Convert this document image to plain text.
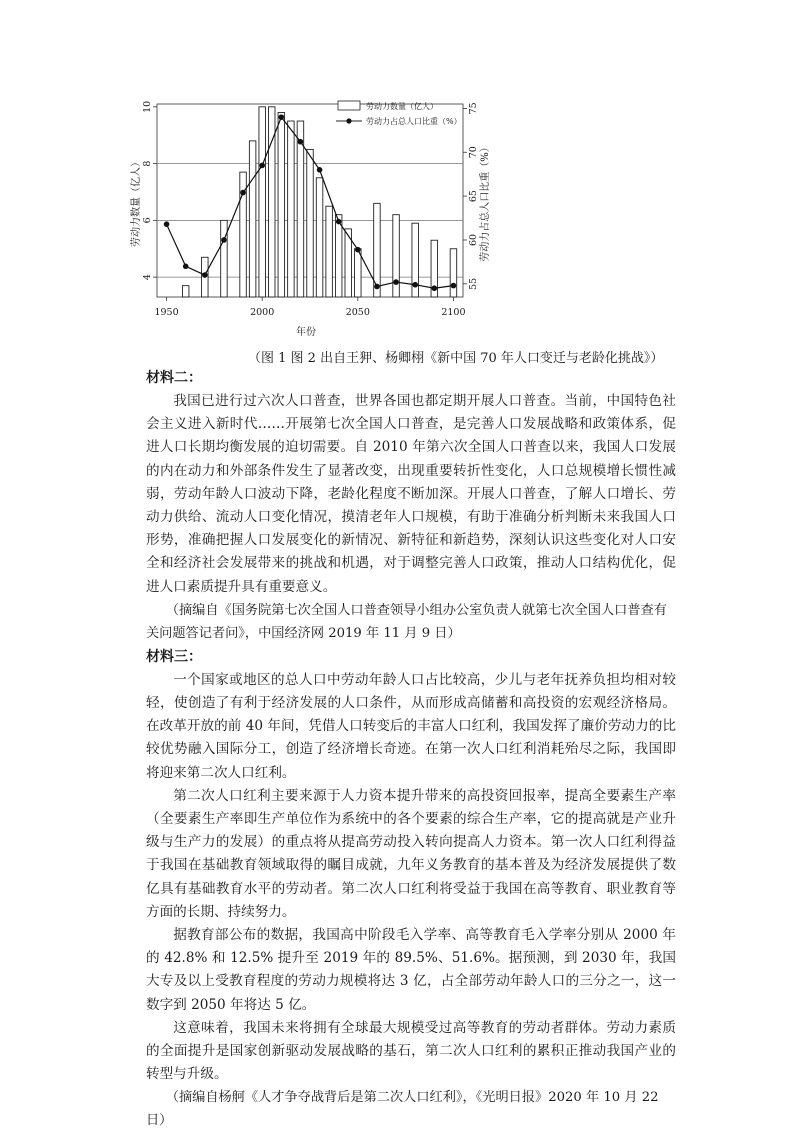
1950	2000	2050	2100
4
6
8
10
55
60
65
70
75
劳动力数量（亿人）
劳动力占总人口比重（%）
劳动力数量（亿人）	劳动力占总人口比重（%）
年份
（图 1 图 2 出自王狎、杨卿栩《新中国 70 年人口变迁与老龄化挑战》）

材料二：

我国已进行过六次人口普查，世界各国也都定期开展人口普查。当前，中国特色社会主义进入新时代……开展第七次全国人口普查，是完善人口发展战略和政策体系，促进人口长期均衡发展的迫切需要。自 2010 年第六次全国人口普查以来，我国人口发展的内在动力和外部条件发生了显著改变，出现重要转折性变化，人口总规模增长惯性减弱，劳动年龄人口波动下降，老龄化程度不断加深。开展人口普查，了解人口增长、劳动力供给、流动人口变化情况，摸清老年人口规模，有助于准确分析判断未来我国人口形势，准确把握人口发展变化的新情况、新特征和新趋势，深刻认识这些变化对人口安全和经济社会发展带来的挑战和机遇，对于调整完善人口政策，推动人口结构优化，促进人口素质提升具有重要意义。

（摘编自《国务院第七次全国人口普查领导小组办公室负责人就第七次全国人口普查有关问题答记者问》，中国经济网 2019 年 11 月 9 日）

材料三：

一个国家或地区的总人口中劳动年龄人口占比较高，少儿与老年抚养负担均相对较轻，使创造了有利于经济发展的人口条件，从而形成高储蓄和高投资的宏观经济格局。在改革开放的前 40 年间，凭借人口转变后的丰富人口红利，我国发挥了廉价劳动力的比较优势融入国际分工，创造了经济增长奇迹。在第一次人口红利消耗殆尽之际，我国即将迎来第二次人口红利。

第二次人口红利主要来源于人力资本提升带来的高投资回报率，提高全要素生产率（全要素生产率即生产单位作为系统中的各个要素的综合生产率，它的提高就是产业升级与生产力的发展）的重点将从提高劳动投入转向提高人力资本。第一次人口红利得益于我国在基础教育领域取得的瞩目成就，九年义务教育的基本普及为经济发展提供了数亿具有基础教育水平的劳动者。第二次人口红利将受益于我国在高等教育、职业教育等方面的长期、持续努力。

据教育部公布的数据，我国高中阶段毛入学率、高等教育毛入学率分别从 2000 年的 42.8% 和 12.5% 提升至 2019 年的 89.5%、51.6%。据预测，到 2030 年，我国大专及以上受教育程度的劳动力规模将达 3 亿，占全部劳动年龄人口的三分之一，这一数字到 2050 年将达 5 亿。

这意味着，我国未来将拥有全球最大规模受过高等教育的劳动者群体。劳动力素质的全面提升是国家创新驱动发展战略的基石，第二次人口红利的累积正推动我国产业的转型与升级。

（摘编自杨舸《人才争夺战背后是第二次人口红利》，《光明日报》2020 年 10 月 22 日）
